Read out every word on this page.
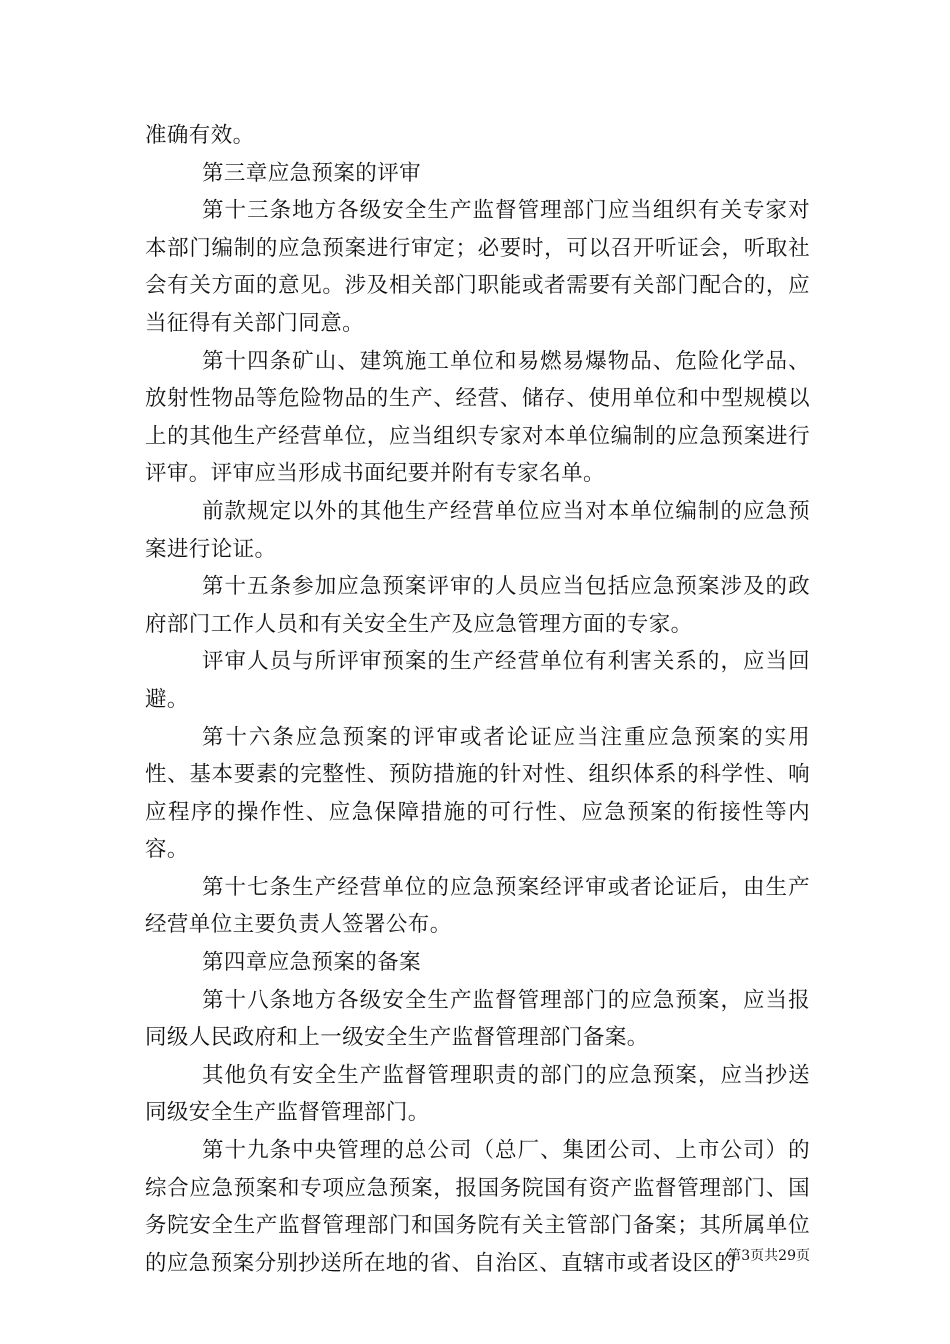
准确有效。

第三章应急预案的评审

第十三条地方各级安全生产监督管理部门应当组织有关专家对本部门编制的应急预案进行审定；必要时，可以召开听证会，听取社会有关方面的意见。涉及相关部门职能或者需要有关部门配合的，应当征得有关部门同意。

第十四条矿山、建筑施工单位和易燃易爆物品、危险化学品、放射性物品等危险物品的生产、经营、储存、使用单位和中型规模以上的其他生产经营单位，应当组织专家对本单位编制的应急预案进行评审。评审应当形成书面纪要并附有专家名单。

前款规定以外的其他生产经营单位应当对本单位编制的应急预案进行论证。

第十五条参加应急预案评审的人员应当包括应急预案涉及的政府部门工作人员和有关安全生产及应急管理方面的专家。

评审人员与所评审预案的生产经营单位有利害关系的，应当回避。

第十六条应急预案的评审或者论证应当注重应急预案的实用性、基本要素的完整性、预防措施的针对性、组织体系的科学性、响应程序的操作性、应急保障措施的可行性、应急预案的衔接性等内容。

第十七条生产经营单位的应急预案经评审或者论证后，由生产经营单位主要负责人签署公布。

第四章应急预案的备案

第十八条地方各级安全生产监督管理部门的应急预案，应当报同级人民政府和上一级安全生产监督管理部门备案。

其他负有安全生产监督管理职责的部门的应急预案，应当抄送同级安全生产监督管理部门。

第十九条中央管理的总公司（总厂、集团公司、上市公司）的综合应急预案和专项应急预案，报国务院国有资产监督管理部门、国务院安全生产监督管理部门和国务院有关主管部门备案；其所属单位的应急预案分别抄送所在地的省、自治区、直辖市或者设区的

第3页共29页
